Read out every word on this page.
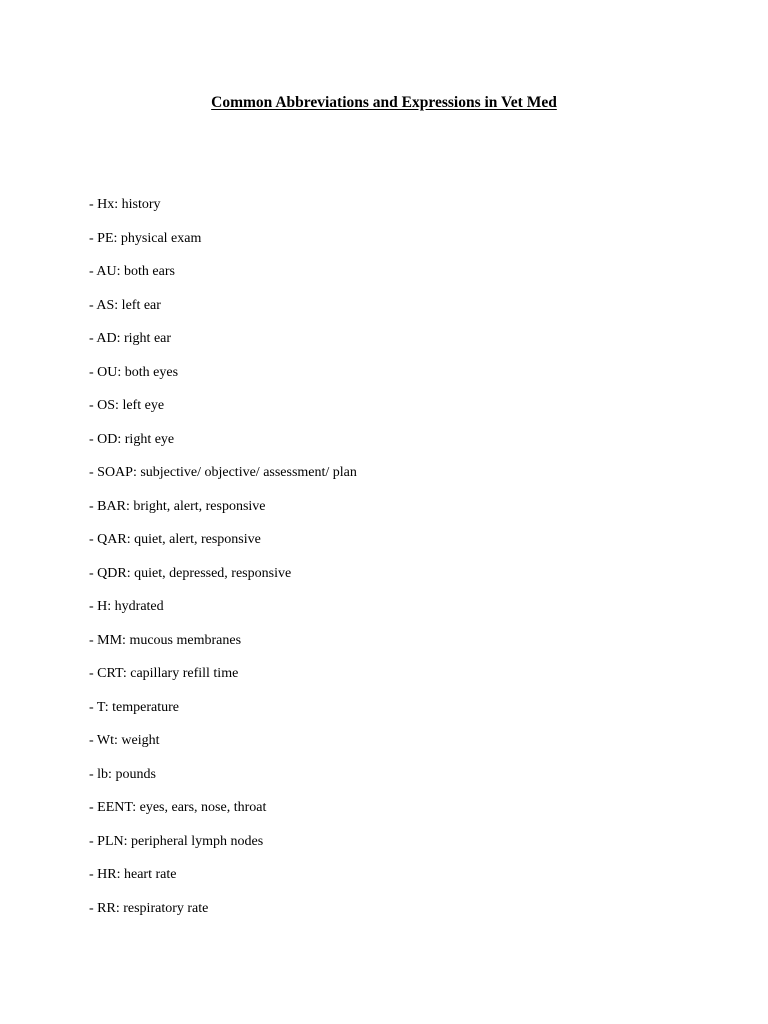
Common Abbreviations and Expressions in Vet Med
- Hx: history
- PE: physical exam
- AU: both ears
- AS: left ear
- AD: right ear
- OU: both eyes
- OS: left eye
- OD: right eye
- SOAP: subjective/ objective/ assessment/ plan
- BAR: bright, alert, responsive
- QAR: quiet, alert, responsive
- QDR: quiet, depressed, responsive
- H: hydrated
- MM: mucous membranes
- CRT: capillary refill time
- T: temperature
- Wt: weight
- lb: pounds
- EENT: eyes, ears, nose, throat
- PLN: peripheral lymph nodes
- HR: heart rate
- RR: respiratory rate
